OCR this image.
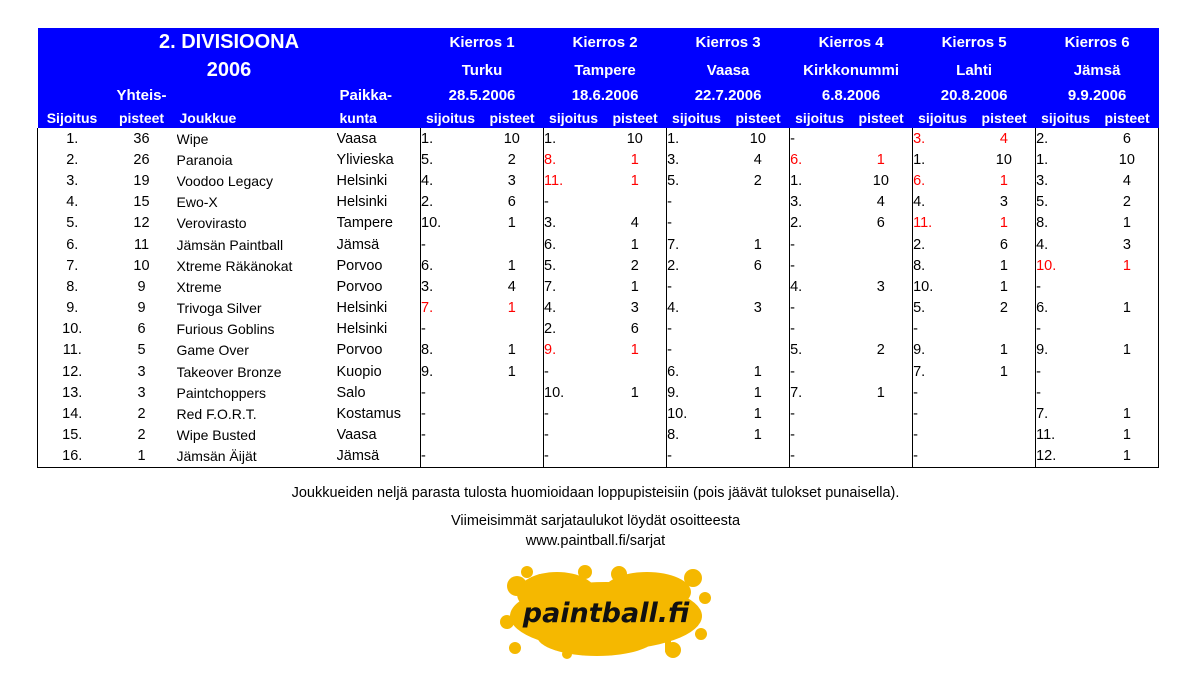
2. DIVISIOONA				Kierros 1		Kierros 2		Kierros 3		Kierros 4		Kierros 5		Kierros 6	
2006				Turku		Tampere		Vaasa		Kirkkonummi		Lahti		Jämsä	
	Yhteis-		Paikka-	28.5.2006		18.6.2006		22.7.2006		6.8.2006		20.8.2006		9.9.2006	
Sijoitus	pisteet	Joukkue	kunta	sijoitus	pisteet	sijoitus	pisteet	sijoitus	pisteet	sijoitus	pisteet	sijoitus	pisteet	sijoitus	pisteet
1.	36	Wipe	Vaasa	1.	10	1.	10	1.	10	-		3.	4	2.	6
2.	26	Paranoia	Ylivieska	5.	2	8.	1	3.	4	6.	1	1.	10	1.	10
3.	19	Voodoo Legacy	Helsinki	4.	3	11.	1	5.	2	1.	10	6.	1	3.	4
4.	15	Ewo-X	Helsinki	2.	6	-		-		3.	4	4.	3	5.	2
5.	12	Verovirasto	Tampere	10.	1	3.	4	-		2.	6	11.	1	8.	1
6.	11	Jämsän Paintball	Jämsä	-		6.	1	7.	1	-		2.	6	4.	3
7.	10	Xtreme Räkänokat	Porvoo	6.	1	5.	2	2.	6	-		8.	1	10.	1
8.	9	Xtreme	Porvoo	3.	4	7.	1	-		4.	3	10.	1	-	
9.	9	Trivoga Silver	Helsinki	7.	1	4.	3	4.	3	-		5.	2	6.	1
10.	6	Furious Goblins	Helsinki	-		2.	6	-		-		-		-	
11.	5	Game Over	Porvoo	8.	1	9.	1	-		5.	2	9.	1	9.	1
12.	3	Takeover Bronze	Kuopio	9.	1	-		6.	1	-		7.	1	-	
13.	3	Paintchoppers	Salo	-		10.	1	9.	1	7.	1	-		-	
14.	2	Red F.O.R.T.	Kostamus	-		-		10.	1	-		-		7.	1
15.	2	Wipe Busted	Vaasa	-		-		8.	1	-		-		11.	1
16.	1	Jämsän Äijät	Jämsä	-		-		-		-		-		12.	1
Joukkueiden neljä parasta tulosta huomioidaan loppupisteisiin (pois jäävät tulokset punaisella).
Viimeisimmät sarjataulukot löydät osoitteesta
www.paintball.fi/sarjat
paintball.fi
